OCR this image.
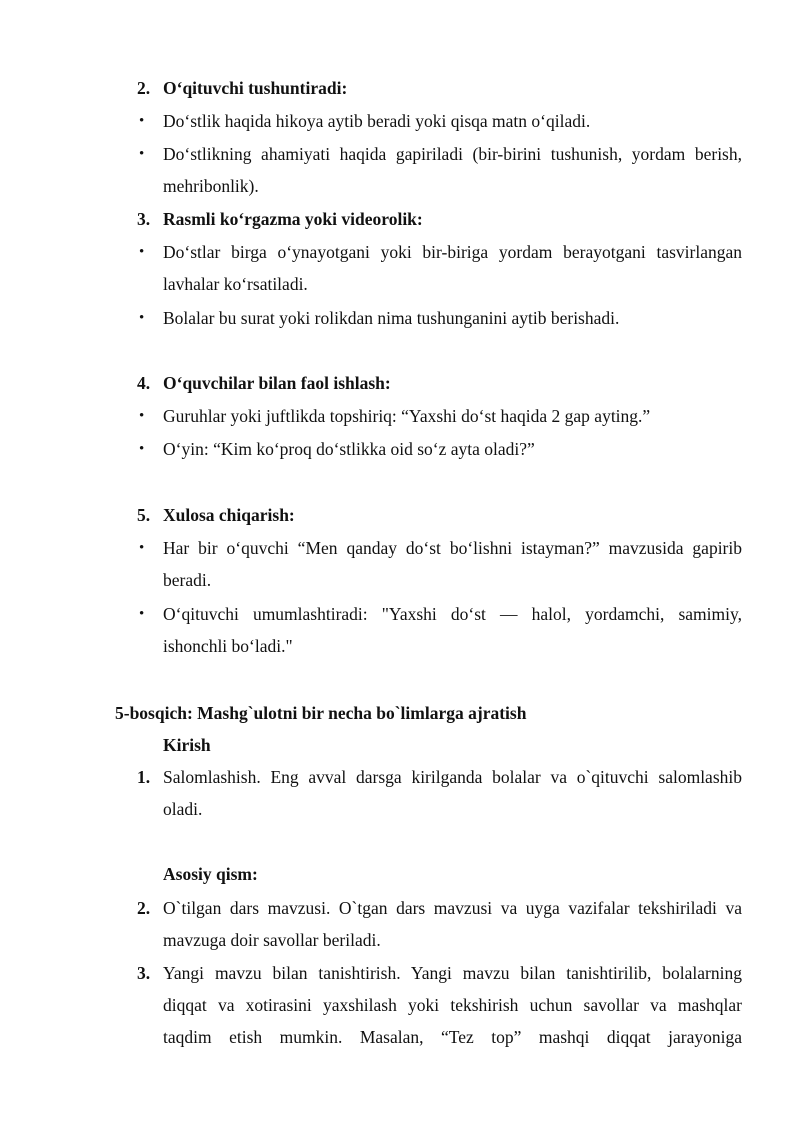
2. O‘qituvchi tushuntiradi:
• Do‘stlik haqida hikoya aytib beradi yoki qisqa matn o‘qiladi.
• Do‘stlikning ahamiyati haqida gapiriladi (bir-birini tushunish, yordam berish,
mehribonlik).
3. Rasmli ko‘rgazma yoki videorolik:
• Do‘stlar birga o‘ynayotgani yoki bir-biriga yordam berayotgani tasvirlangan
lavhalar ko‘rsatiladi.
• Bolalar bu surat yoki rolikdan nima tushunganini aytib berishadi.
4. O‘quvchilar bilan faol ishlash:
• Guruhlar yoki juftlikda topshiriq: “Yaxshi do‘st haqida 2 gap ayting.”
• O‘yin: “Kim ko‘proq do‘stlikka oid so‘z ayta oladi?”
5. Xulosa chiqarish:
• Har bir o‘quvchi “Men qanday do‘st bo‘lishni istayman?” mavzusida gapirib
beradi.
• O‘qituvchi umumlashtiradi: "Yaxshi do‘st — halol, yordamchi, samimiy,
ishonchli bo‘ladi."
5-bosqich: Mashg`ulotni bir necha bo`limlarga ajratish
Kirish
1. Salomlashish. Eng avval darsga kirilganda bolalar va o`qituvchi salomlashib
oladi.
Asosiy qism:
2. O`tilgan dars mavzusi. O`tgan dars mavzusi va uyga vazifalar tekshiriladi va
mavzuga doir savollar beriladi.
3. Yangi mavzu bilan tanishtirish. Yangi mavzu bilan tanishtirilib, bolalarning
diqqat va xotirasini yaxshilash yoki tekshirish uchun savollar va mashqlar
taqdim etish mumkin. Masalan, “Tez top” mashqi diqqat jarayoniga
